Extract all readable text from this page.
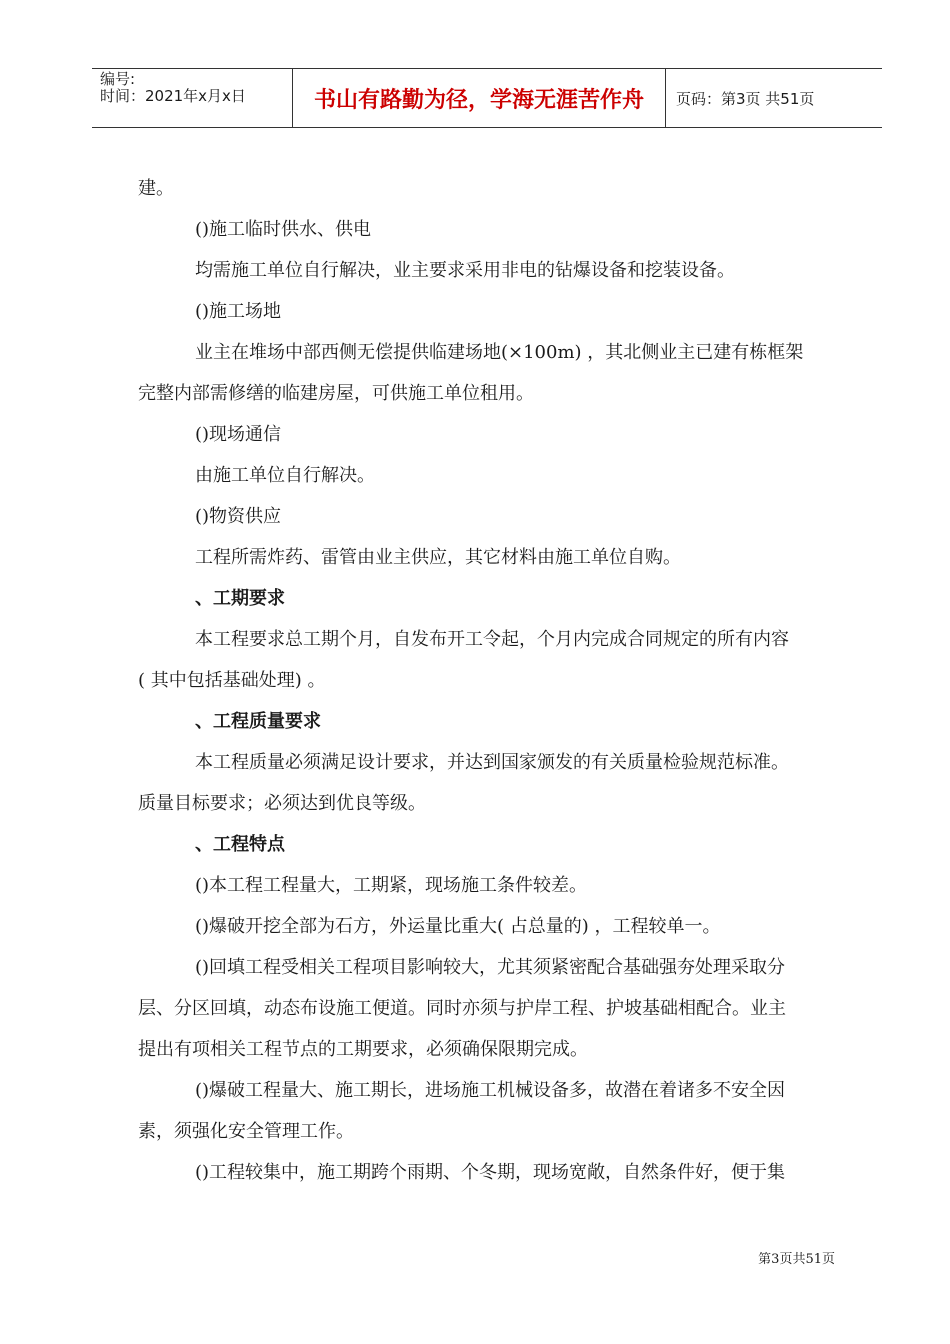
编号:
时间：2021年x月x日	书山有路勤为径，学海无涯苦作舟	页码：第3页 共51页

建。

()施工临时供水、供电

均需施工单位自行解决，业主要求采用非电的钻爆设备和挖装设备。

()施工场地

业主在堆场中部西侧无偿提供临建场地(×100m) ，其北侧业主已建有栋框架

完整内部需修缮的临建房屋，可供施工单位租用。

()现场通信

由施工单位自行解决。

()物资供应

工程所需炸药、雷管由业主供应，其它材料由施工单位自购。

、工期要求

本工程要求总工期个月，自发布开工令起，个月内完成合同规定的所有内容

( 其中包括基础处理) 。

、工程质量要求

本工程质量必须满足设计要求，并达到国家颁发的有关质量检验规范标准。

质量目标要求；必须达到优良等级。

、工程特点

()本工程工程量大，工期紧，现场施工条件较差。

()爆破开挖全部为石方，外运量比重大( 占总量的) ，工程较单一。

()回填工程受相关工程项目影响较大，尤其须紧密配合基础强夯处理采取分

层、分区回填，动态布设施工便道。同时亦须与护岸工程、护坡基础相配合。业主

提出有项相关工程节点的工期要求，必须确保限期完成。

()爆破工程量大、施工期长，进场施工机械设备多，故潜在着诸多不安全因

素，须强化安全管理工作。

()工程较集中，施工期跨个雨期、个冬期，现场宽敞，自然条件好，便于集

第3页共51页
